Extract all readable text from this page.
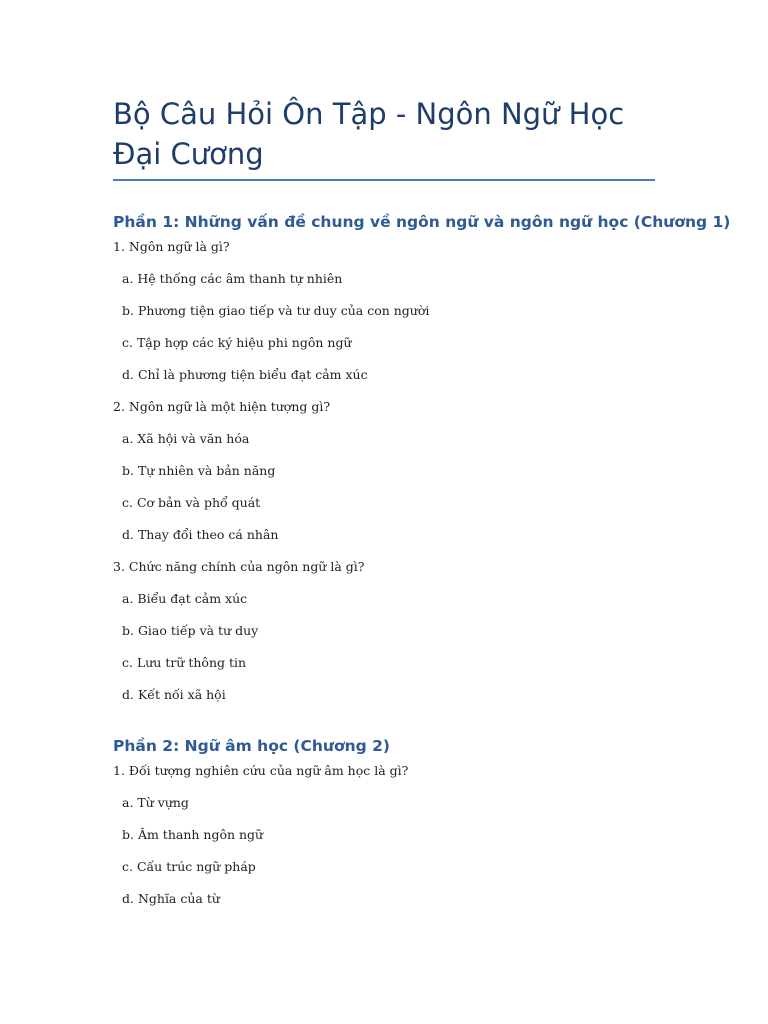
Bộ Câu Hỏi Ôn Tập - Ngôn Ngữ Học Đại Cương
Phần 1: Những vấn đề chung về ngôn ngữ và ngôn ngữ học (Chương 1)

1. Ngôn ngữ là gì?

a. Hệ thống các âm thanh tự nhiên

b. Phương tiện giao tiếp và tư duy của con người

c. Tập hợp các ký hiệu phi ngôn ngữ

d. Chỉ là phương tiện biểu đạt cảm xúc

2. Ngôn ngữ là một hiện tượng gì?

a. Xã hội và văn hóa

b. Tự nhiên và bản năng

c. Cơ bản và phổ quát

d. Thay đổi theo cá nhân

3. Chức năng chính của ngôn ngữ là gì?

a. Biểu đạt cảm xúc

b. Giao tiếp và tư duy

c. Lưu trữ thông tin

d. Kết nối xã hội

Phần 2: Ngữ âm học (Chương 2)

1. Đối tượng nghiên cứu của ngữ âm học là gì?

a. Từ vựng

b. Âm thanh ngôn ngữ

c. Cấu trúc ngữ pháp

d. Nghĩa của từ
